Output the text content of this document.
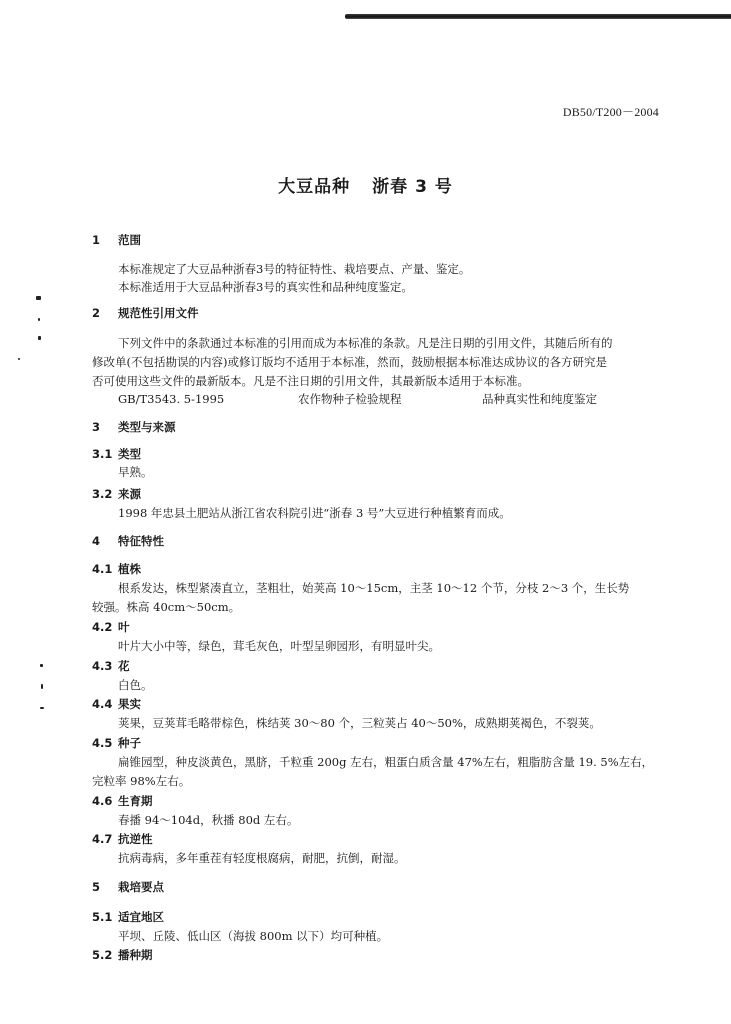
DB50/T200－2004
大豆品种 浙春 3 号
1 范围
本标准规定了大豆品种浙春3号的特征特性、栽培要点、产量、鉴定。
本标准适用于大豆品种浙春3号的真实性和品种纯度鉴定。
2 规范性引用文件
下列文件中的条款通过本标准的引用而成为本标准的条款。凡是注日期的引用文件，其随后所有的
修改单(不包括勘误的内容)或修订版均不适用于本标准，然而，鼓励根据本标准达成协议的各方研究是
否可使用这些文件的最新版本。凡是不注日期的引用文件，其最新版本适用于本标准。
GB/T3543. 5-1995	农作物种子检验规程	品种真实性和纯度鉴定
3 类型与来源
3.1 类型
早熟。
3.2 来源
1998 年忠县土肥站从浙江省农科院引进“浙春 3 号”大豆进行种植繁育而成。
4 特征特性
4.1 植株
根系发达，株型紧凑直立，茎粗壮，始荚高 10～15cm，主茎 10～12 个节，分枝 2～3 个，生长势
较强。株高 40cm～50cm。
4.2 叶
叶片大小中等，绿色，茸毛灰色，叶型呈卵园形，有明显叶尖。
4.3 花
白色。
4.4 果实
荚果，豆荚茸毛略带棕色，株结荚 30～80 个，三粒荚占 40～50%，成熟期荚褐色，不裂荚。
4.5 种子
扁锥园型，种皮淡黄色，黑脐，千粒重 200g 左右，粗蛋白质含量 47%左右，粗脂肪含量 19. 5%左右，
完粒率 98%左右。
4.6 生育期
春播 94～104d，秋播 80d 左右。
4.7 抗逆性
抗病毒病，多年重茬有轻度根腐病，耐肥，抗倒，耐湿。
5 栽培要点
5.1 适宜地区
平坝、丘陵、低山区（海拔 800m 以下）均可种植。
5.2 播种期
